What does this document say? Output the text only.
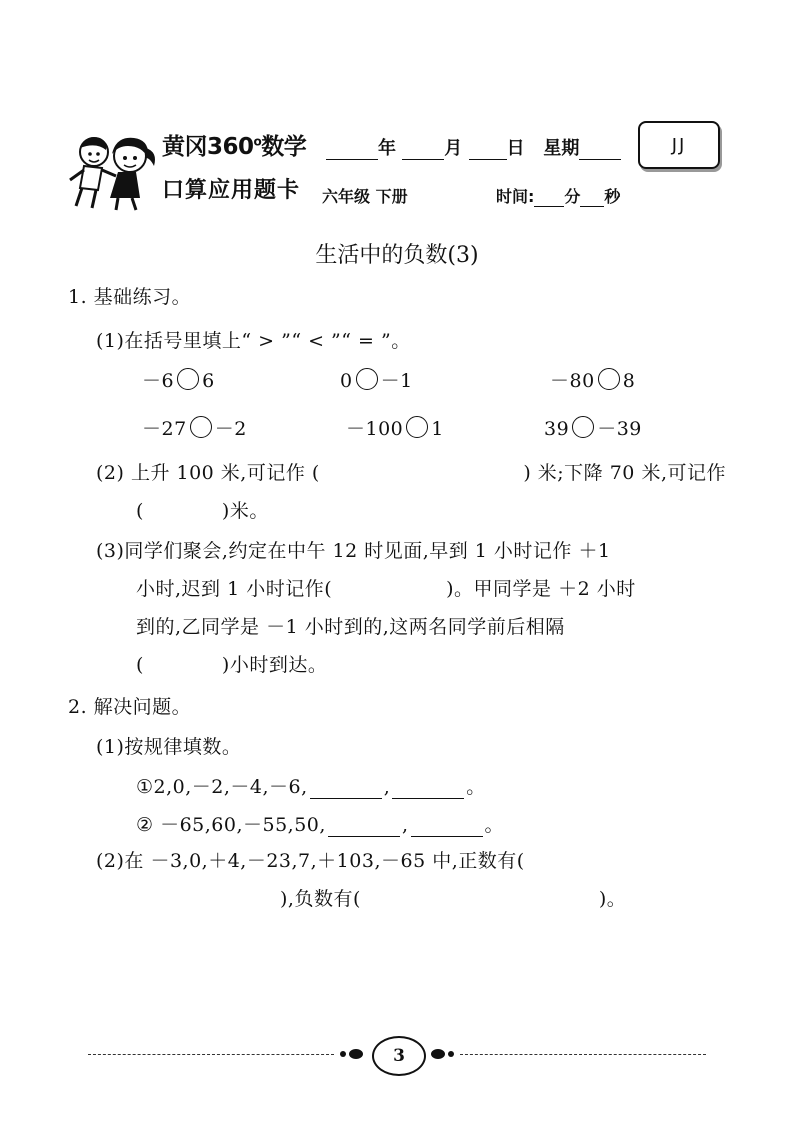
黄冈360$^o$数学
口算应用题卡
年	月 日 星期	JJ
六年级 下册	时间: 分 秒
生活中的负数(3)
1. 基础练习。
(1)在括号里填上“ > ”“ < ”“ = ”。
－6 6	0 －1	－80 8
－27 －2	－100 1	39 －39
(2) 上升 100 米,可记作 (	) 米;下降 70 米,可记作
(	)米。
(3)同学们聚会,约定在中午 12 时见面,早到 1 小时记作 ＋1
小时,迟到 1 小时记作(	)。甲同学是 ＋2 小时
到的,乙同学是 －1 小时到的,这两名同学前后相隔
(	)小时到达。
2. 解决问题。
(1)按规律填数。
①2,0,－2,－4,－6,	,	。
② －65,60,－55,50,	,	。
(2)在 －3,0,＋4,－23,7,＋103,－65 中,正数有(
),负数有(	)。
3
